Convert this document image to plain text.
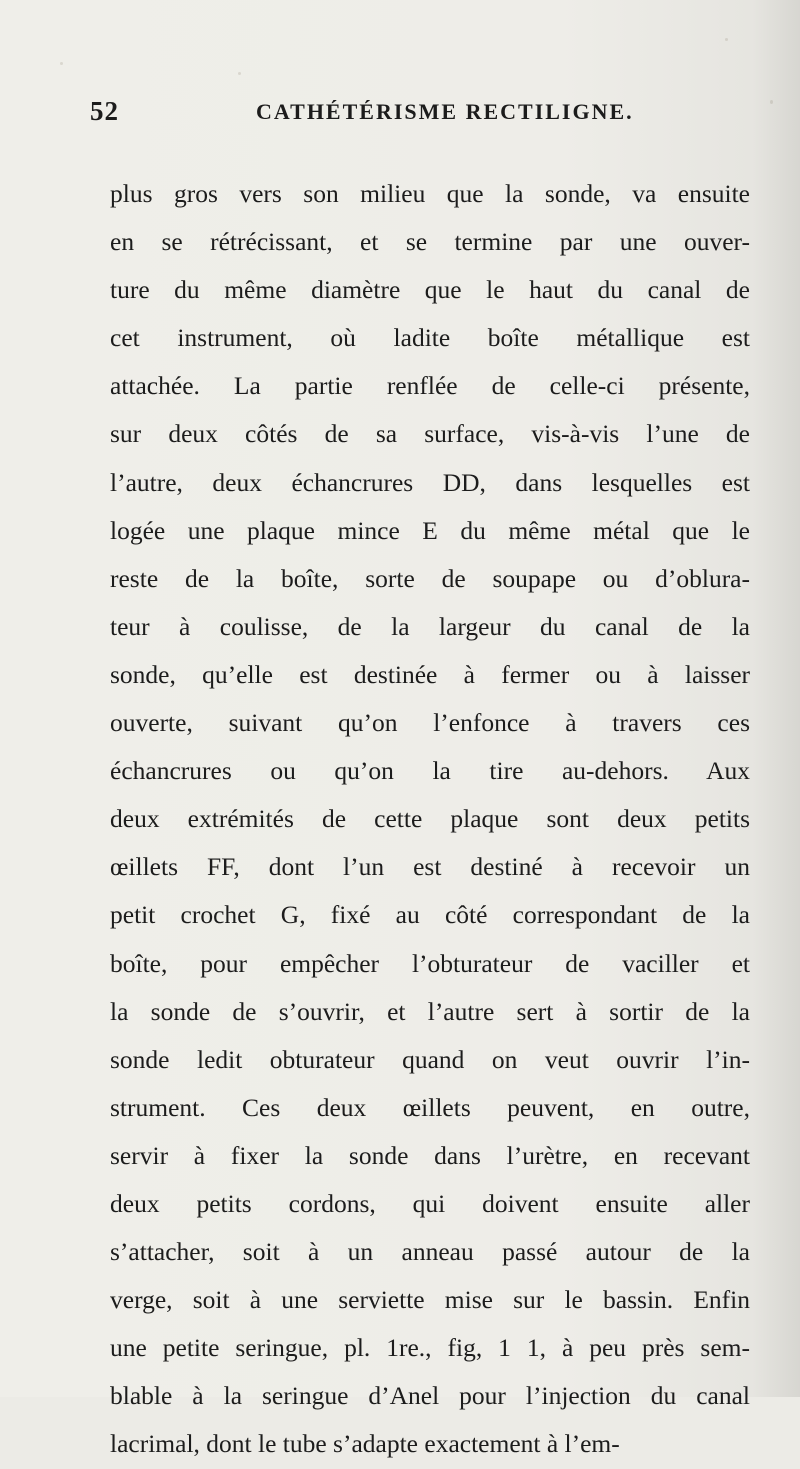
52	CATHÉTÉRISME RECTILIGNE.
plus gros vers son milieu que la sonde, va ensuite
en se rétrécissant, et se termine par une ouver-
ture du même diamètre que le haut du canal de
cet instrument, où ladite boîte métallique est
attachée. La partie renflée de celle-ci présente,
sur deux côtés de sa surface, vis-à-vis l’une de
l’autre, deux échancrures DD, dans lesquelles est
logée une plaque mince E du même métal que le
reste de la boîte, sorte de soupape ou d’oblura-
teur à coulisse, de la largeur du canal de la
sonde, qu’elle est destinée à fermer ou à laisser
ouverte, suivant qu’on l’enfonce à travers ces
échancrures ou qu’on la tire au-dehors. Aux
deux extrémités de cette plaque sont deux petits
œillets FF, dont l’un est destiné à recevoir un
petit crochet G, fixé au côté correspondant de la
boîte, pour empêcher l’obturateur de vaciller et
la sonde de s’ouvrir, et l’autre sert à sortir de la
sonde ledit obturateur quand on veut ouvrir l’in-
strument. Ces deux œillets peuvent, en outre,
servir à fixer la sonde dans l’urètre, en recevant
deux petits cordons, qui doivent ensuite aller
s’attacher, soit à un anneau passé autour de la
verge, soit à une serviette mise sur le bassin. Enfin
une petite seringue, pl. 1re., fig, 1 1, à peu près sem-
blable à la seringue d’Anel pour l’injection du canal
lacrimal, dont le tube s’adapte exactement à l’em-
